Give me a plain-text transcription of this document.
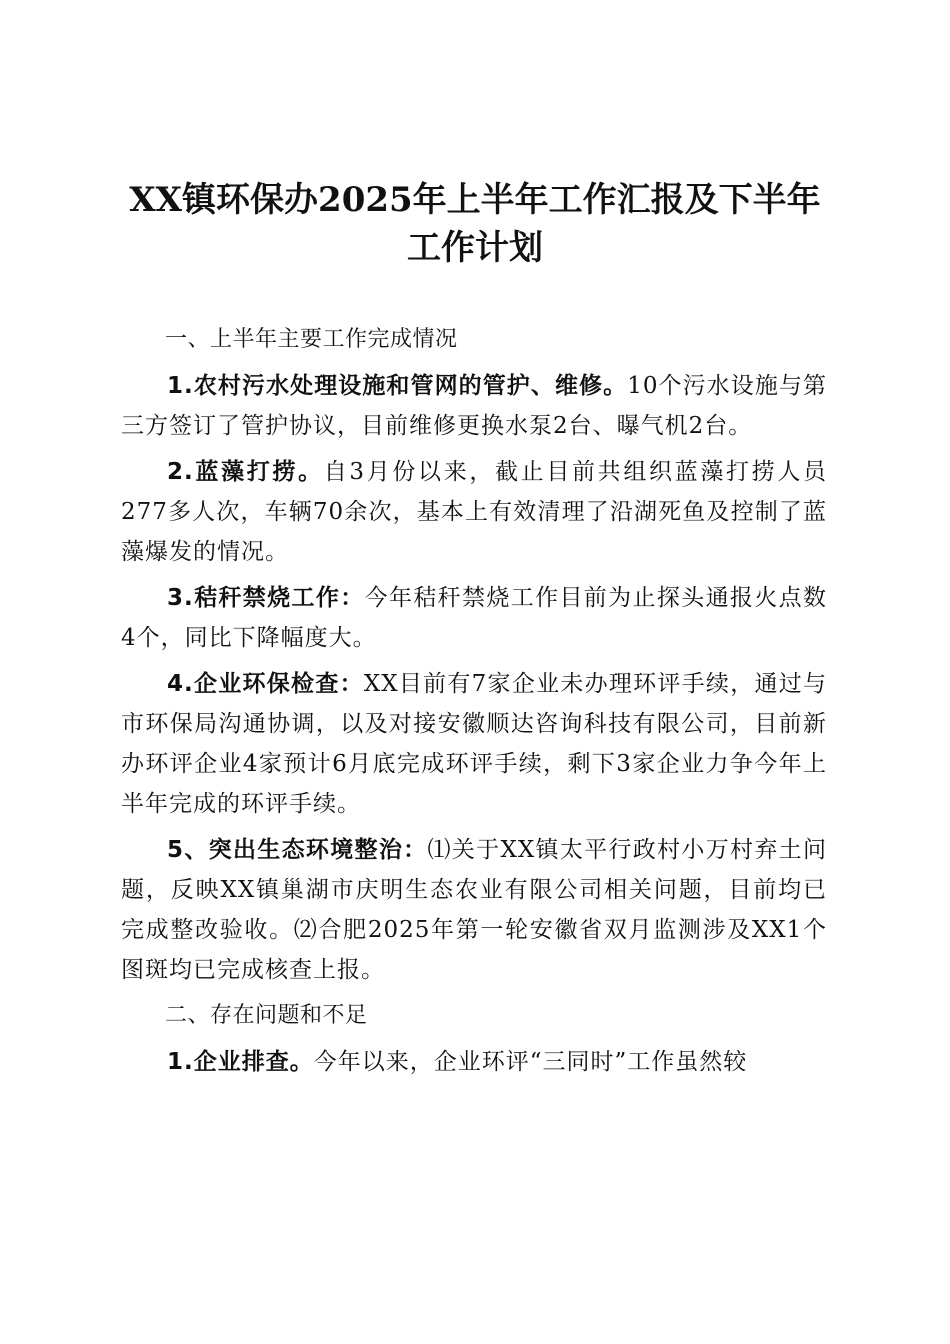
XX镇环保办2025年上半年工作汇报及下半年
工作计划

一、上半年主要工作完成情况

1.农村污水处理设施和管网的管护、维修。10个污水设施与第三方签订了管护协议，目前维修更换水泵2台、曝气机2台。

2.蓝藻打捞。自3月份以来，截止目前共组织蓝藻打捞人员277多人次，车辆70余次，基本上有效清理了沿湖死鱼及控制了蓝藻爆发的情况。

3.秸秆禁烧工作：今年秸秆禁烧工作目前为止探头通报火点数4个，同比下降幅度大。

4.企业环保检查：XX目前有7家企业未办理环评手续，通过与市环保局沟通协调，以及对接安徽顺达咨询科技有限公司，目前新办环评企业4家预计6月底完成环评手续，剩下3家企业力争今年上半年完成的环评手续。

5、突出生态环境整治：⑴关于XX镇太平行政村小万村弃土问题，反映XX镇巢湖市庆明生态农业有限公司相关问题，目前均已完成整改验收。⑵合肥2025年第一轮安徽省双月监测涉及XX1个图斑均已完成核查上报。

二、存在问题和不足

1.企业排查。今年以来，企业环评“三同时”工作虽然较
